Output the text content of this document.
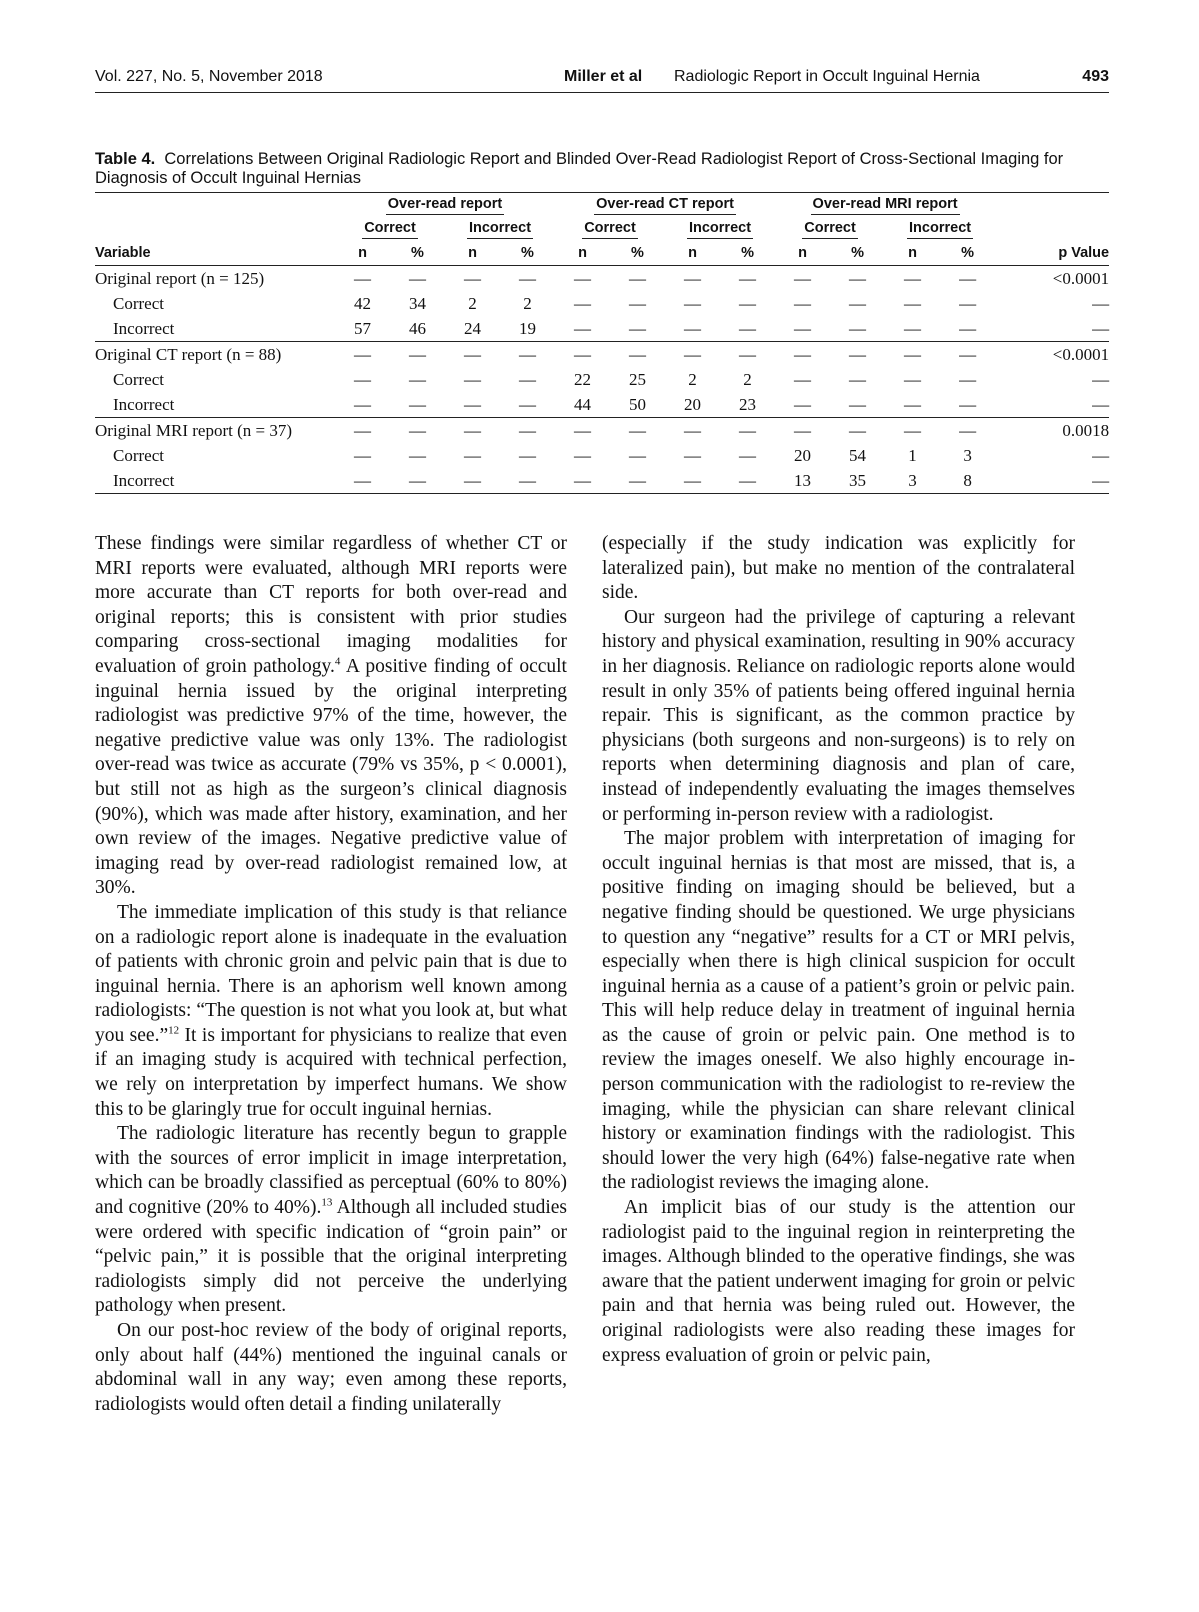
Vol. 227, No. 5, November 2018	Miller et al Radiologic Report in Occult Inguinal Hernia	493
Table 4. Correlations Between Original Radiologic Report and Blinded Over-Read Radiologist Report of Cross-Sectional Imaging for Diagnosis of Occult Inguinal Hernias
	Over-read report				Over-read CT report				Over-read MRI report				
	Correct		Incorrect		Correct		Incorrect		Correct		Incorrect		
Variable	n	%	n	%	n	%	n	%	n	%	n	%	p Value
Original report (n = 125)	—	—	—	—	—	—	—	—	—	—	—	—	<0.0001
Correct	42	34	2	2	—	—	—	—	—	—	—	—	—
Incorrect	57	46	24	19	—	—	—	—	—	—	—	—	—
Original CT report (n = 88)	—	—	—	—	—	—	—	—	—	—	—	—	<0.0001
Correct	—	—	—	—	22	25	2	2	—	—	—	—	—
Incorrect	—	—	—	—	44	50	20	23	—	—	—	—	—
Original MRI report (n = 37)	—	—	—	—	—	—	—	—	—	—	—	—	0.0018
Correct	—	—	—	—	—	—	—	—	20	54	1	3	—
Incorrect	—	—	—	—	—	—	—	—	13	35	3	8	—

These findings were similar regardless of whether CT or MRI reports were evaluated, although MRI reports were more accurate than CT reports for both over-read and original reports; this is consistent with prior studies comparing cross-sectional imaging modalities for evaluation of groin pathology.$^4$ A positive finding of occult inguinal hernia issued by the original interpreting radiologist was predictive 97% of the time, however, the negative predictive value was only 13%. The radiologist over-read was twice as accurate (79% vs 35%, p < 0.0001), but still not as high as the surgeon’s clinical diagnosis (90%), which was made after history, examination, and her own review of the images. Negative predictive value of imaging read by over-read radiologist remained low, at 30%.

The immediate implication of this study is that reliance on a radiologic report alone is inadequate in the evaluation of patients with chronic groin and pelvic pain that is due to inguinal hernia. There is an aphorism well known among radiologists: “The question is not what you look at, but what you see.”$^{12}$ It is important for physicians to realize that even if an imaging study is acquired with technical perfection, we rely on interpretation by imperfect humans. We show this to be glaringly true for occult inguinal hernias.

The radiologic literature has recently begun to grapple with the sources of error implicit in image interpretation, which can be broadly classified as perceptual (60% to 80%) and cognitive (20% to 40%).$^{13}$ Although all included studies were ordered with specific indication of “groin pain” or “pelvic pain,” it is possible that the original interpreting radiologists simply did not perceive the underlying pathology when present.

On our post-hoc review of the body of original reports, only about half (44%) mentioned the inguinal canals or abdominal wall in any way; even among these reports, radiologists would often detail a finding unilaterally

(especially if the study indication was explicitly for lateralized pain), but make no mention of the contralateral side.

Our surgeon had the privilege of capturing a relevant history and physical examination, resulting in 90% accuracy in her diagnosis. Reliance on radiologic reports alone would result in only 35% of patients being offered inguinal hernia repair. This is significant, as the common practice by physicians (both surgeons and non-surgeons) is to rely on reports when determining diagnosis and plan of care, instead of independently evaluating the images themselves or performing in-person review with a radiologist.

The major problem with interpretation of imaging for occult inguinal hernias is that most are missed, that is, a positive finding on imaging should be believed, but a negative finding should be questioned. We urge physicians to question any “negative” results for a CT or MRI pelvis, especially when there is high clinical suspicion for occult inguinal hernia as a cause of a patient’s groin or pelvic pain. This will help reduce delay in treatment of inguinal hernia as the cause of groin or pelvic pain. One method is to review the images oneself. We also highly encourage in-person communication with the radiologist to re-review the imaging, while the physician can share relevant clinical history or examination findings with the radiologist. This should lower the very high (64%) false-negative rate when the radiologist reviews the imaging alone.

An implicit bias of our study is the attention our radiologist paid to the inguinal region in reinterpreting the images. Although blinded to the operative findings, she was aware that the patient underwent imaging for groin or pelvic pain and that hernia was being ruled out. However, the original radiologists were also reading these images for express evaluation of groin or pelvic pain,
